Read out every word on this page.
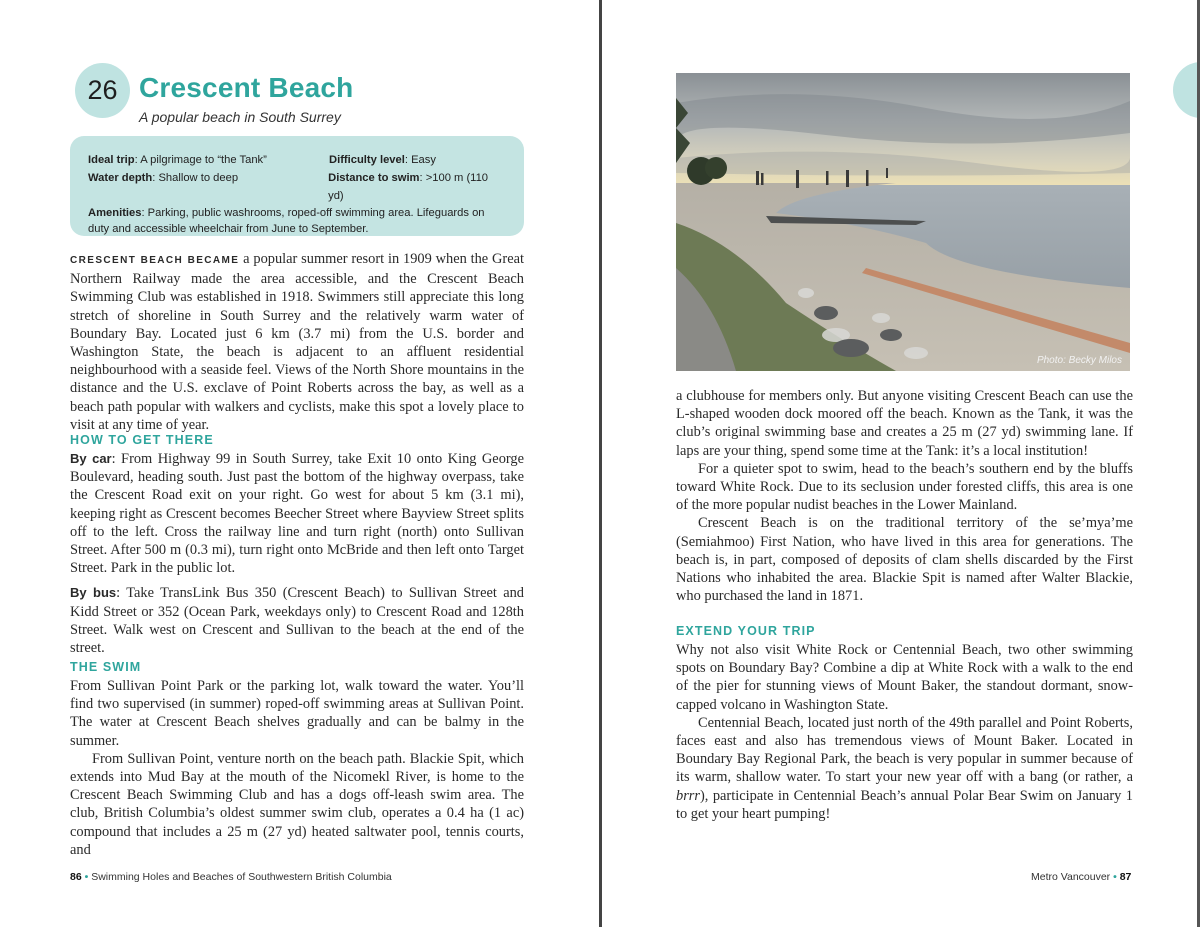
26 Crescent Beach
A popular beach in South Surrey
Ideal trip: A pilgrimage to “the Tank”	Difficulty level: Easy
Water depth: Shallow to deep	Distance to swim: >100 m (110 yd)
Amenities: Parking, public washrooms, roped-off swimming area. Lifeguards on duty and accessible wheelchair from June to September.

CRESCENT BEACH BECAME a popular summer resort in 1909 when the Great Northern Railway made the area accessible, and the Crescent Beach Swimming Club was established in 1918. Swimmers still appreciate this long stretch of shoreline in South Surrey and the relatively warm water of Boundary Bay. Located just 6 km (3.7 mi) from the U.S. border and Washington State, the beach is adjacent to an affluent residential neighbourhood with a seaside feel. Views of the North Shore mountains in the distance and the U.S. exclave of Point Roberts across the bay, as well as a beach path popular with walkers and cyclists, make this spot a lovely place to visit at any time of year.

HOW TO GET THERE

By car: From Highway 99 in South Surrey, take Exit 10 onto King George Boulevard, heading south. Just past the bottom of the highway overpass, take the Crescent Road exit on your right. Go west for about 5 km (3.1 mi), keeping right as Crescent becomes Beecher Street where Bayview Street splits off to the left. Cross the railway line and turn right (north) onto Sullivan Street. After 500 m (0.3 mi), turn right onto McBride and then left onto Target Street. Park in the public lot.

By bus: Take TransLink Bus 350 (Crescent Beach) to Sullivan Street and Kidd Street or 352 (Ocean Park, weekdays only) to Crescent Road and 128th Street. Walk west on Crescent and Sullivan to the beach at the end of the street.

THE SWIM

From Sullivan Point Park or the parking lot, walk toward the water. You’ll find two supervised (in summer) roped-off swimming areas at Sullivan Point. The water at Crescent Beach shelves gradually and can be balmy in the summer.

From Sullivan Point, venture north on the beach path. Blackie Spit, which extends into Mud Bay at the mouth of the Nicomekl River, is home to the Crescent Beach Swimming Club and has a dogs off-leash swim area. The club, British Columbia’s oldest summer swim club, operates a 0.4 ha (1 ac) compound that includes a 25 m (27 yd) heated saltwater pool, tennis courts, and

86 • Swimming Holes and Beaches of Southwestern British Columbia
Photo: Becky Milos

a clubhouse for members only. But anyone visiting Crescent Beach can use the L-shaped wooden dock moored off the beach. Known as the Tank, it was the club’s original swimming base and creates a 25 m (27 yd) swimming lane. If laps are your thing, spend some time at the Tank: it’s a local institution!

For a quieter spot to swim, head to the beach’s southern end by the bluffs toward White Rock. Due to its seclusion under forested cliffs, this area is one of the more popular nudist beaches in the Lower Mainland.

Crescent Beach is on the traditional territory of the se’mya’me (Semiahmoo) First Nation, who have lived in this area for generations. The beach is, in part, composed of deposits of clam shells discarded by the First Nations who inhabited the area. Blackie Spit is named after Walter Blackie, who purchased the land in 1871.

EXTEND YOUR TRIP

Why not also visit White Rock or Centennial Beach, two other swimming spots on Boundary Bay? Combine a dip at White Rock with a walk to the end of the pier for stunning views of Mount Baker, the standout dormant, snow-capped volcano in Washington State.

Centennial Beach, located just north of the 49th parallel and Point Roberts, faces east and also has tremendous views of Mount Baker. Located in Boundary Bay Regional Park, the beach is very popular in summer because of its warm, shallow water. To start your new year off with a bang (or rather, a brrr), participate in Centennial Beach’s annual Polar Bear Swim on January 1 to get your heart pumping!

Metro Vancouver • 87
